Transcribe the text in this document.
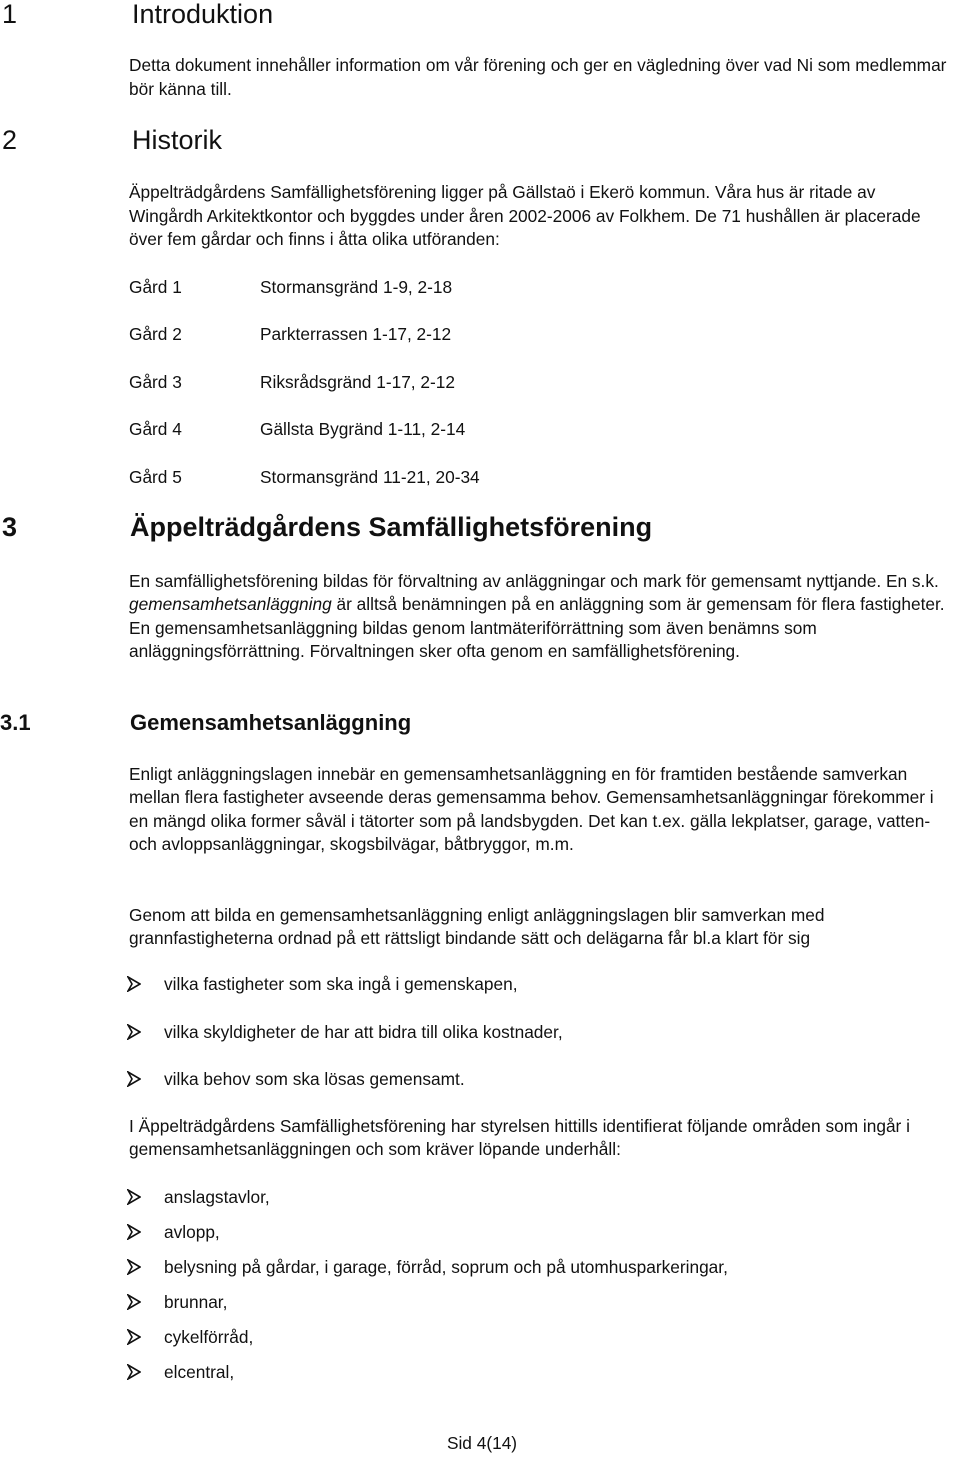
1	Introduktion

Detta dokument innehåller information om vår förening och ger en vägledning över vad Ni som medlemmar bör känna till.

2	Historik

Äppelträdgårdens Samfällighetsförening ligger på Gällstaö i Ekerö kommun. Våra hus är ritade av Wingårdh Arkitektkontor och byggdes under åren 2002-2006 av Folkhem. De 71 hushållen är placerade över fem gårdar och finns i åtta olika utföranden:

Gård 1	Stormansgränd 1-9, 2-18
Gård 2	Parkterrassen 1-17, 2-12
Gård 3	Riksrådsgränd 1-17, 2-12
Gård 4	Gällsta Bygränd 1-11, 2-14
Gård 5	Stormansgränd 11-21, 20-34
3	Äppelträdgårdens Samfällighetsförening

En samfällighetsförening bildas för förvaltning av anläggningar och mark för gemensamt nyttjande. En s.k. gemensamhetsanläggning är alltså benämningen på en anläggning som är gemensam för flera fastigheter. En gemensamhetsanläggning bildas genom lantmäteriförrättning som även benämns som anläggningsförrättning. Förvaltningen sker ofta genom en samfällighetsförening.

3.1	Gemensamhetsanläggning

Enligt anläggningslagen innebär en gemensamhetsanläggning en för framtiden bestående samverkan mellan flera fastigheter avseende deras gemensamma behov. Gemensamhetsanläggningar förekommer i en mängd olika former såväl i tätorter som på landsbygden. Det kan t.ex. gälla lekplatser, garage, vatten- och avloppsanläggningar, skogsbilvägar, båtbryggor, m.m.

Genom att bilda en gemensamhetsanläggning enligt anläggningslagen blir samverkan med grannfastigheterna ordnad på ett rättsligt bindande sätt och delägarna får bl.a klart för sig

vilka fastigheter som ska ingå i gemenskapen,
vilka skyldigheter de har att bidra till olika kostnader,
vilka behov som ska lösas gemensamt.

I Äppelträdgårdens Samfällighetsförening har styrelsen hittills identifierat följande områden som ingår i gemensamhetsanläggningen och som kräver löpande underhåll:

anslagstavlor,
avlopp,
belysning på gårdar, i garage, förråd, soprum och på utomhusparkeringar,
brunnar,
cykelförråd,
elcentral,
Sid 4(14)
